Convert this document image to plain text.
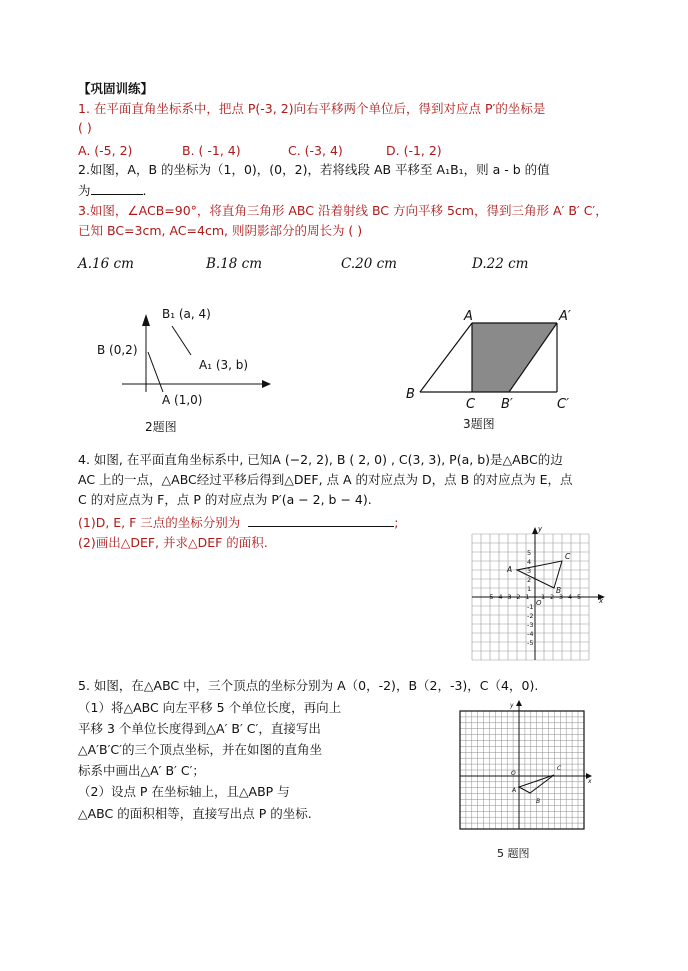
【巩固训练】
1. 在平面直角坐标系中，把点 P(-3, 2)向右平移两个单位后，得到对应点 P′的坐标是
( )
A. (-5, 2)	B. ( -1, 4)	C. (-3, 4)	D. (-1, 2)
2.如图，A，B 的坐标为（1，0)，(0，2)，若将线段 AB 平移至 A₁B₁，则 a - b 的值
为	.
3.如图，∠ACB=90°，将直角三角形 ABC 沿着射线 BC 方向平移 5cm，得到三角形 A′ B′ C′，
已知 BC=3cm, AC=4cm, 则阴影部分的周长为 ( )
A.16 cm	B.18 cm	C.20 cm	D.22 cm
B₁ (a, 4)
B (0,2)
A₁ (3, b)
A (1,0)
2题图
A	A′
B
C B′	C′
3题图
4. 如图, 在平面直角坐标系中, 已知A (−2, 2), B ( 2, 0) , C(3, 3), P(a, b)是△ABC的边
AC 上的一点，△ABC经过平移后得到△DEF, 点 A 的对应点为 D，点 B 的对应点为 E，点
C 的对应点为 F，点 P 的对应点为 P′(a − 2, b − 4).
(1)D, E, F 三点的坐标分别为	;
(2)画出△DEF, 并求△DEF 的面积.
-5 -4 -3 -2 -1 1 2 3 4 5
5
4
3
2
1
-1
-2
-3
-4
-5
x
y
O
A
B
C
5. 如图，在△ABC 中，三个顶点的坐标分别为 A（0，-2)，B（2，-3)，C（4，0).
（1）将△ABC 向左平移 5 个单位长度，再向上
平移 3 个单位长度得到△A′ B′ C′，直接写出
△A′B′C′的三个顶点坐标，并在如图的直角坐
标系中画出△A′ B′ C′；
（2）设点 P 在坐标轴上，且△ABP 与
△ABC 的面积相等，直接写出点 P 的坐标.
x
y
O
A
B
C
5 题图
